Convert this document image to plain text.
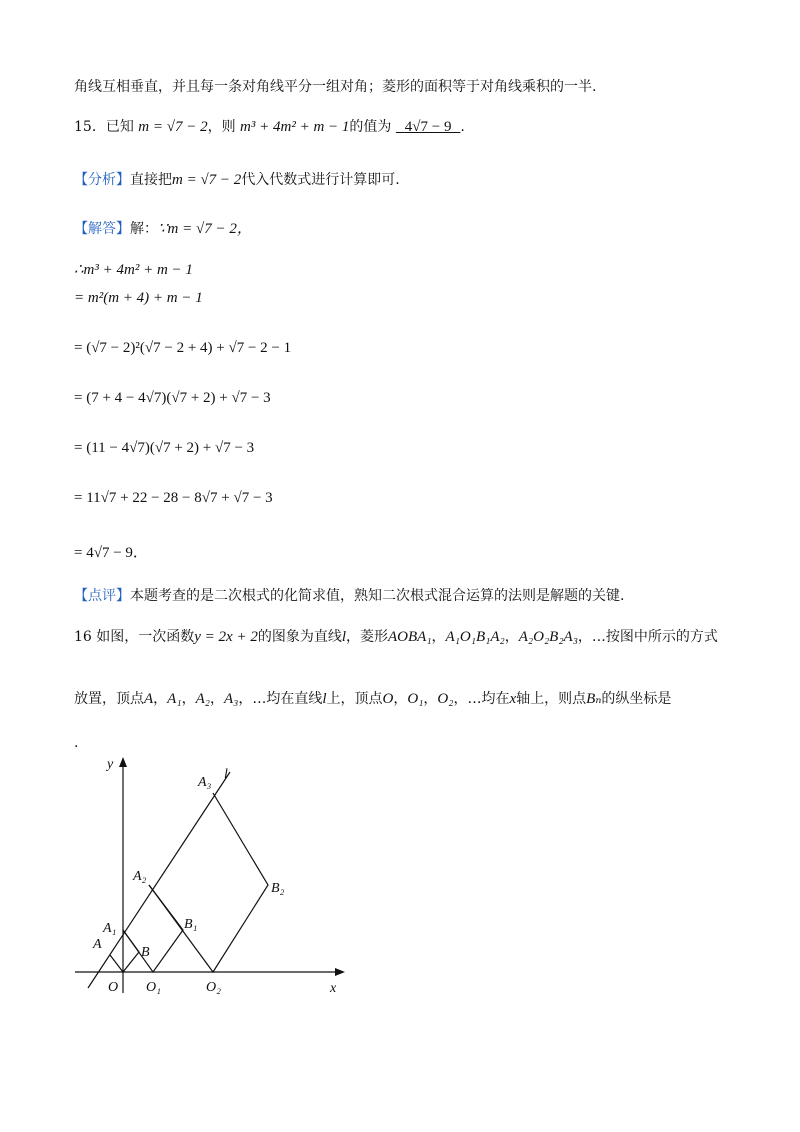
角线互相垂直，并且每一条对角线平分一组对角；菱形的面积等于对角线乘积的一半.
15．已知 m = √7 − 2，则 m³ + 4m² + m − 1的值为 4√7 − 9 .
【分析】直接把m = √7 − 2代入代数式进行计算即可.
【解答】解：∵m = √7 − 2，
∴m³ + 4m² + m − 1
= m²(m + 4) + m − 1
= (√7 − 2)²(√7 − 2 + 4) + √7 − 2 − 1
= (7 + 4 − 4√7)(√7 + 2) + √7 − 3
= (11 − 4√7)(√7 + 2) + √7 − 3
= 11√7 + 22 − 28 − 8√7 + √7 − 3
= 4√7 − 9．
【点评】本题考查的是二次根式的化简求值，熟知二次根式混合运算的法则是解题的关键.
16 如图，一次函数y = 2x + 2的图象为直线l，菱形AOBA₁，A₁O₁B₁A₂，A₂O₂B₂A₃，…按图中所示的方式
放置，顶点A，A₁，A₂，A₃，…均在直线l上，顶点O，O₁，O₂，…均在x轴上，则点Bₙ的纵坐标是
.
y
x
l
A₃
A₂
B₂
B₁
A₁
A
B
O O₁	O₂
